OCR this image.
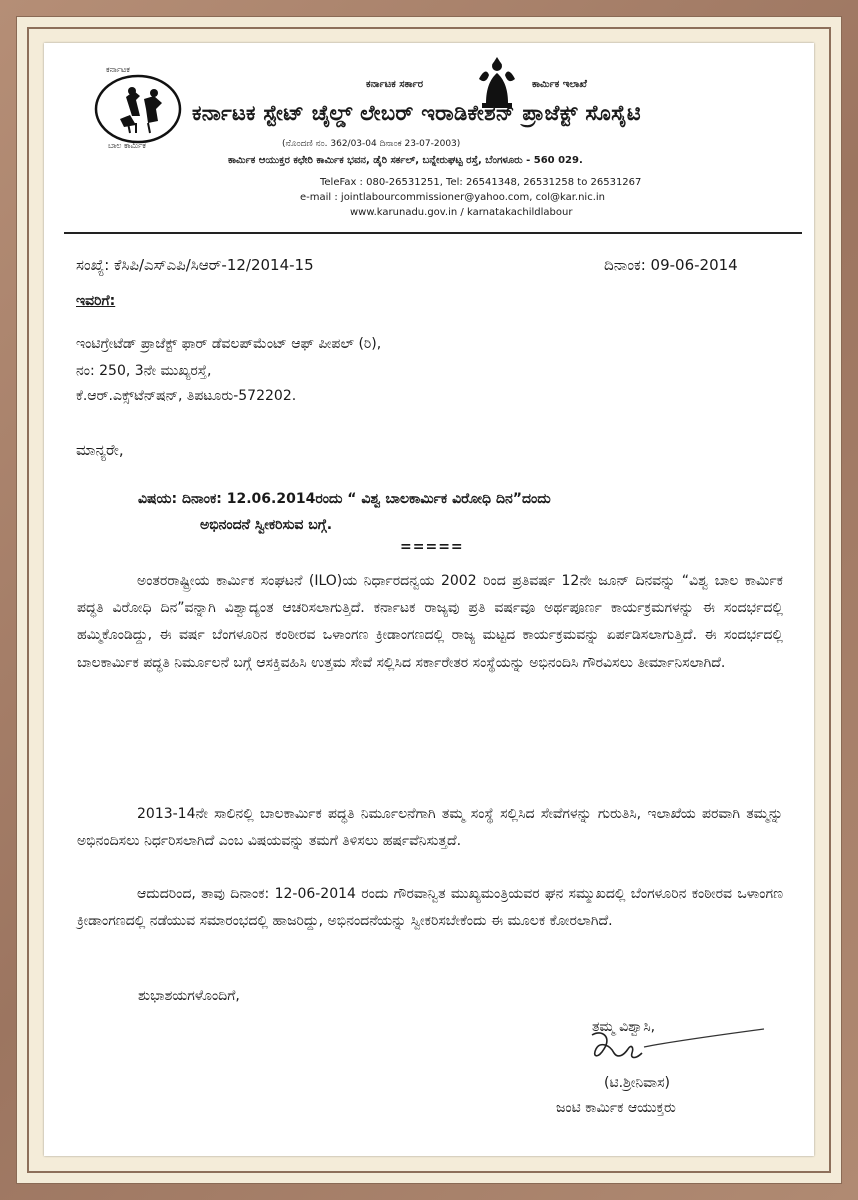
ಕರ್ನಾಟಕ
ಬಾಲ ಕಾರ್ಮಿಕ
ಕರ್ನಾಟಕ ಸರ್ಕಾರ	ಕಾರ್ಮಿಕ ಇಲಾಖೆ
ಕರ್ನಾಟಕ ಸ್ಟೇಟ್ ಚೈಲ್ಡ್ ಲೇಬರ್ ಇರಾಡಿಕೇಶನ್ ಪ್ರಾಜೆಕ್ಟ್ ಸೊಸೈಟಿ
(ನೊಂದಣಿ ನಂ. 362/03-04 ದಿನಾಂಕ 23-07-2003)
ಕಾರ್ಮಿಕ ಆಯುಕ್ತರ ಕಛೇರಿ ಕಾರ್ಮಿಕ ಭವನ, ಡೈರಿ ಸರ್ಕಲ್, ಬನ್ನೇರುಘಟ್ಟ ರಸ್ತೆ, ಬೆಂಗಳೂರು - 560 029.
TeleFax : 080-26531251, Tel: 26541348, 26531258 to 26531267
e-mail : jointlabourcommissioner@yahoo.com, col@kar.nic.in
www.karunadu.gov.in / karnatakachildlabour
ಸಂಖ್ಯೆ: ಕೆಸಿಪಿ/ಎಸ್‌ಎಪಿ/ಸಿಆರ್‌-12/2014-15	ದಿನಾಂಕ: 09-06-2014
ಇವರಿಗೆ:
ಇಂಟಿಗ್ರೇಟೆಡ್ ಪ್ರಾಜೆಕ್ಟ್ ಫಾರ್ ಡೆವಲಪ್‌ಮೆಂಟ್ ಆಫ್ ಪೀಪಲ್ (ರಿ),
ನಂ: 250, 3ನೇ ಮುಖ್ಯರಸ್ತೆ,
ಕೆ.ಆರ್.ಎಕ್ಸ್‌ಟೆನ್‌ಷನ್, ತಿಪಟೂರು-572202.
ಮಾನ್ಯರೇ,
ವಿಷಯ: ದಿನಾಂಕ: 12.06.2014ರಂದು “ ವಿಶ್ವ ಬಾಲಕಾರ್ಮಿಕ ವಿರೋಧಿ ದಿನ”ದಂದು
ಅಭಿನಂದನೆ ಸ್ವೀಕರಿಸುವ ಬಗ್ಗೆ.
=====
ಅಂತರರಾಷ್ಟ್ರೀಯ ಕಾರ್ಮಿಕ ಸಂಘಟನೆ (ILO)ಯ ನಿರ್ಧಾರದನ್ವಯ 2002 ರಿಂದ ಪ್ರತಿವರ್ಷ 12ನೇ ಜೂನ್ ದಿನವನ್ನು “ವಿಶ್ವ ಬಾಲ ಕಾರ್ಮಿಕ ಪದ್ಧತಿ ವಿರೋಧಿ ದಿನ”ವನ್ನಾಗಿ ವಿಶ್ವಾದ್ಯಂತ ಆಚರಿಸಲಾಗುತ್ತಿದೆ. ಕರ್ನಾಟಕ ರಾಜ್ಯವು ಪ್ರತಿ ವರ್ಷವೂ ಅರ್ಥಪೂರ್ಣ ಕಾರ್ಯಕ್ರಮಗಳನ್ನು ಈ ಸಂದರ್ಭದಲ್ಲಿ ಹಮ್ಮಿಕೊಂಡಿದ್ದು, ಈ ವರ್ಷ ಬೆಂಗಳೂರಿನ ಕಂಠೀರವ ಒಳಾಂಗಣ ಕ್ರೀಡಾಂಗಣದಲ್ಲಿ ರಾಜ್ಯ ಮಟ್ಟದ ಕಾರ್ಯಕ್ರಮವನ್ನು ಏರ್ಪಡಿಸಲಾಗುತ್ತಿದೆ. ಈ ಸಂದರ್ಭದಲ್ಲಿ ಬಾಲಕಾರ್ಮಿಕ ಪದ್ಧತಿ ನಿರ್ಮೂಲನೆ ಬಗ್ಗೆ ಆಸಕ್ತಿವಹಿಸಿ ಉತ್ತಮ ಸೇವೆ ಸಲ್ಲಿಸಿದ ಸರ್ಕಾರೇತರ ಸಂಸ್ಥೆಯನ್ನು ಅಭಿನಂದಿಸಿ ಗೌರವಿಸಲು ತೀರ್ಮಾನಿಸಲಾಗಿದೆ.
2013-14ನೇ ಸಾಲಿನಲ್ಲಿ ಬಾಲಕಾರ್ಮಿಕ ಪದ್ಧತಿ ನಿರ್ಮೂಲನೆಗಾಗಿ ತಮ್ಮ ಸಂಸ್ಥೆ ಸಲ್ಲಿಸಿದ ಸೇವೆಗಳನ್ನು ಗುರುತಿಸಿ, ಇಲಾಖೆಯ ಪರವಾಗಿ ತಮ್ಮನ್ನು ಅಭಿನಂದಿಸಲು ನಿರ್ಧರಿಸಲಾಗಿದೆ ಎಂಬ ವಿಷಯವನ್ನು ತಮಗೆ ತಿಳಿಸಲು ಹರ್ಷವೆನಿಸುತ್ತದೆ.
ಆದುದರಿಂದ, ತಾವು ದಿನಾಂಕ: 12-06-2014 ರಂದು ಗೌರವಾನ್ವಿತ ಮುಖ್ಯಮಂತ್ರಿಯವರ ಘನ ಸಮ್ಮುಖದಲ್ಲಿ ಬೆಂಗಳೂರಿನ ಕಂಠೀರವ ಒಳಾಂಗಣ ಕ್ರೀಡಾಂಗಣದಲ್ಲಿ ನಡೆಯುವ ಸಮಾರಂಭದಲ್ಲಿ ಹಾಜರಿದ್ದು, ಅಭಿನಂದನೆಯನ್ನು ಸ್ವೀಕರಿಸಬೇಕೆಂದು ಈ ಮೂಲಕ ಕೋರಲಾಗಿದೆ.
ಶುಭಾಶಯಗಳೊಂದಿಗೆ,
ತಮ್ಮ ವಿಶ್ವಾಸಿ,
(ಟಿ.ಶ್ರೀನಿವಾಸ)
ಜಂಟಿ ಕಾರ್ಮಿಕ ಆಯುಕ್ತರು
